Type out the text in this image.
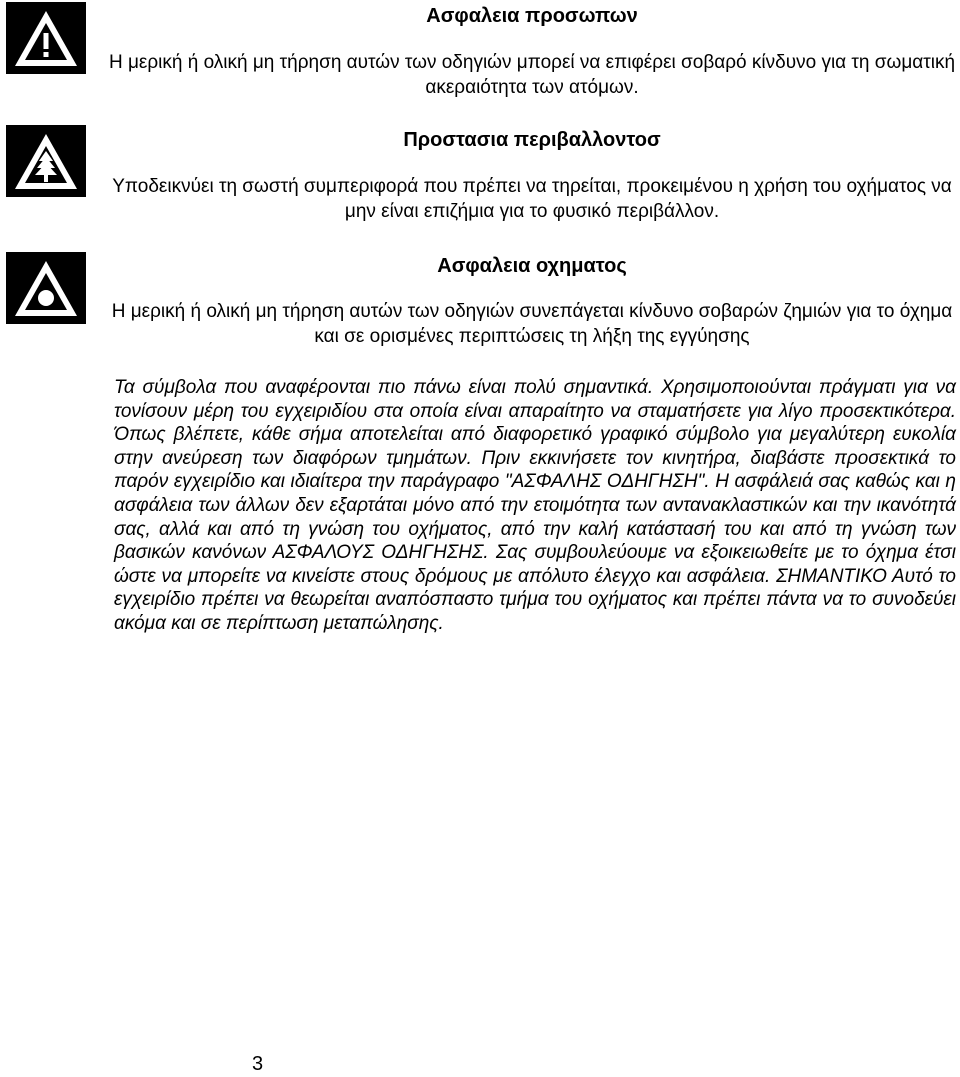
Ασφαλεια προσωπων

Η μερική ή ολική μη τήρηση αυτών των οδηγιών μπορεί να επιφέρει σοβαρό κίνδυνο για τη σωματική ακεραιότητα των ατόμων.

Προστασια περιβαλλοντοσ

Υποδεικνύει τη σωστή συμπεριφορά που πρέπει να τηρείται, προκειμένου η χρήση του οχήματος να μην είναι επιζήμια για το φυσικό περιβάλλον.

Ασφαλεια οχηματος

Η μερική ή ολική μη τήρηση αυτών των οδηγιών συνεπάγεται κίνδυνο σοβαρών ζημιών για το όχημα και σε ορισμένες περιπτώσεις τη λήξη της εγγύησης

Τα σύμβολα που αναφέρονται πιο πάνω είναι πολύ σημαντικά. Χρησιμοποιούνται πράγματι για να τονίσουν μέρη του εγχειριδίου στα οποία είναι απαραίτητο να σταματήσετε για λίγο προσεκτικότερα. Όπως βλέπετε, κάθε σήμα αποτελείται από διαφορετικό γραφικό σύμβολο για μεγαλύτερη ευκολία στην ανεύρεση των διαφόρων τμημάτων. Πριν εκκινήσετε τον κινητήρα, διαβάστε προσεκτικά το παρόν εγχειρίδιο και ιδιαίτερα την παράγραφο "ΑΣΦΑΛΗΣ ΟΔΗΓΗΣΗ". Η ασφάλειά σας καθώς και η ασφάλεια των άλλων δεν εξαρτάται μόνο από την ετοιμότητα των αντανακλαστικών και την ικανότητά σας, αλλά και από τη γνώση του οχήματος, από την καλή κατάστασή του και από τη γνώση των βασικών κανόνων ΑΣΦΑΛΟΥΣ ΟΔΗΓΗΣΗΣ. Σας συμβουλεύουμε να εξοικειωθείτε με το όχημα έτσι ώστε να μπορείτε να κινείστε στους δρόμους με απόλυτο έλεγχο και ασφάλεια. ΣΗΜΑΝΤΙΚΟ Αυτό το εγχειρίδιο πρέπει να θεωρείται αναπόσπαστο τμήμα του οχήματος και πρέπει πάντα να το συνοδεύει ακόμα και σε περίπτωση μεταπώλησης.

3
